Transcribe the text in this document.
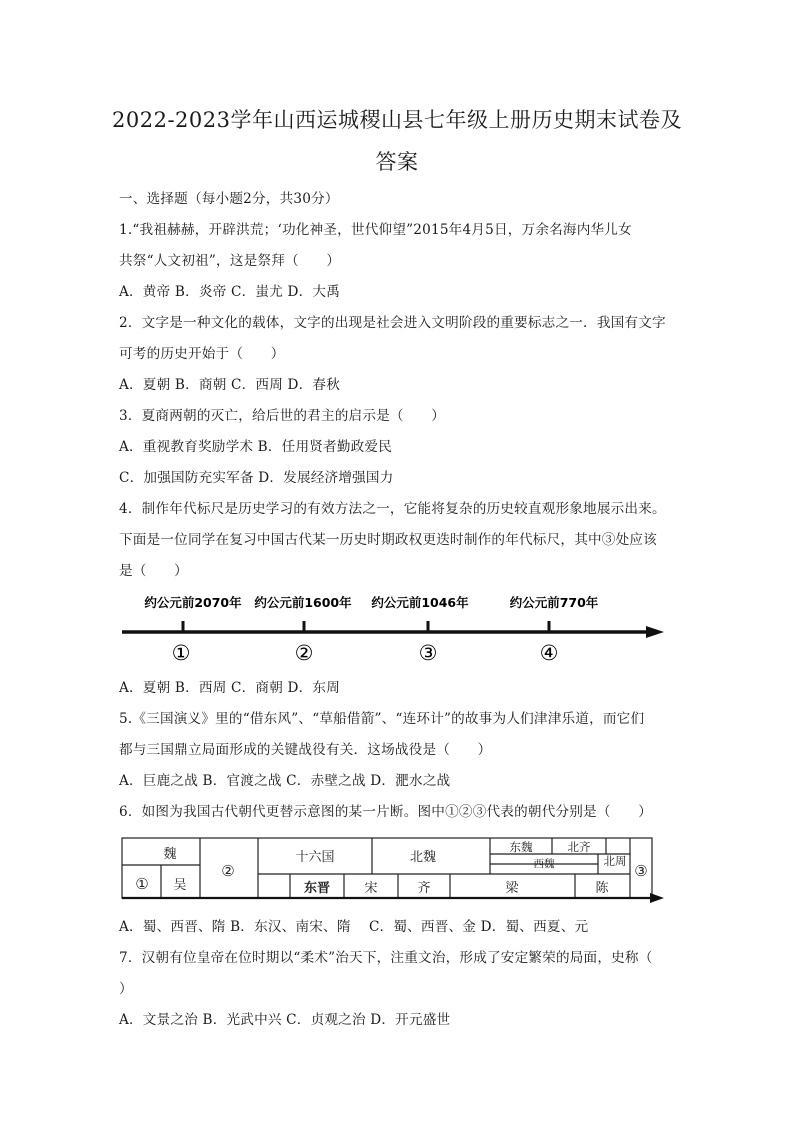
2022-2023学年山西运城稷山县七年级上册历史期末试卷及
答案
一、选择题（每小题2分，共30分）
1.“我祖赫赫，开辟洪荒；‘功化神圣，世代仰望”2015年4月5日，万余名海内华儿女
共祭“人文初祖”，这是祭拜（　　）
A．黄帝 B．炎帝 C．蚩尤 D．大禹
2．文字是一种文化的载体，文字的出现是社会进入文明阶段的重要标志之一．我国有文字
可考的历史开始于（　　）
A．夏朝 B．商朝 C．西周 D．春秋
3．夏商两朝的灭亡，给后世的君主的启示是（　　）
A．重视教育奖励学术 B．任用贤者勤政爱民
C．加强国防充实军备 D．发展经济增强国力
4．制作年代标尺是历史学习的有效方法之一，它能将复杂的历史较直观形象地展示出来。
下面是一位同学在复习中国古代某一历史时期政权更迭时制作的年代标尺，其中③处应该
是（　　）
约公元前2070年 约公元前1600年 约公元前1046年	约公元前770年
①	②	③	④
A．夏朝 B．西周 C．商朝 D．东周
5.《三国演义》里的“借东风”、“草船借箭”、“连环计”的故事为人们津津乐道，而它们
都与三国鼎立局面形成的关键战役有关．这场战役是（　　）
A．巨鹿之战 B．官渡之战 C．赤壁之战 D．淝水之战
6．如图为我国古代朝代更替示意图的某一片断。图中①②③代表的朝代分别是（　　）
魏
① 吴
②
十六国	北魏
东魏	北齐
西魏	北周
③
东晋	宋	齐	梁	陈
A．蜀、西晋、隋 B．东汉、南宋、隋　 C．蜀、西晋、金 D．蜀、西夏、元
7．汉朝有位皇帝在位时期以“柔术”治天下，注重文治，形成了安定繁荣的局面，史称（
）
A．文景之治 B．光武中兴 C．贞观之治 D．开元盛世
